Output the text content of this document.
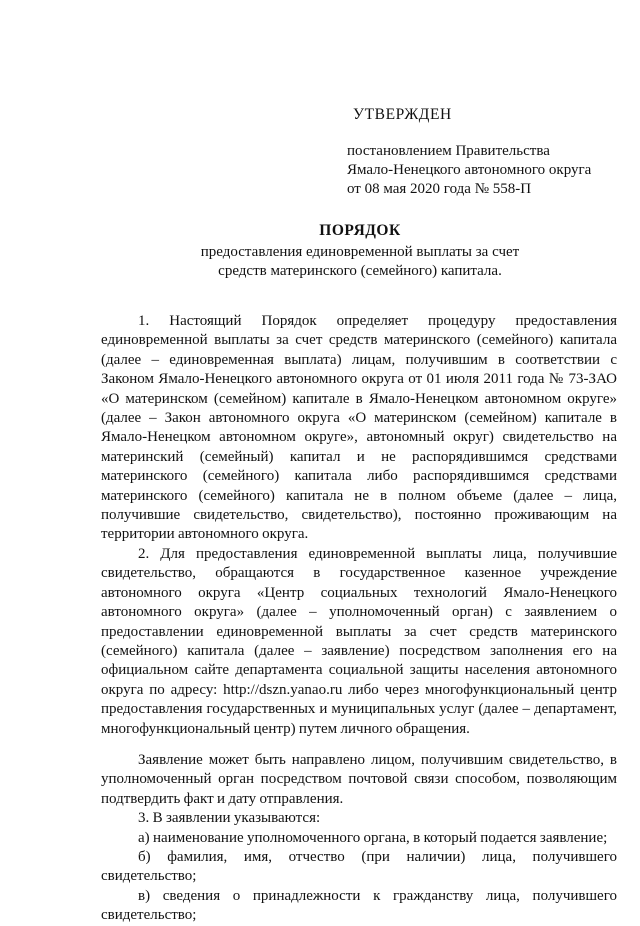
УТВЕРЖДЕН
постановлением Правительства
Ямало-Ненецкого автономного округа
от 08 мая 2020 года № 558-П
ПОРЯДОК
предоставления единовременной выплаты за счет средств материнского (семейного) капитала.

1. Настоящий Порядок определяет процедуру предоставления единовременной выплаты за счет средств материнского (семейного) капитала (далее – единовременная выплата) лицам, получившим в соответствии с Законом Ямало-Ненецкого автономного округа от 01 июля 2011 года № 73-ЗАО «О материнском (семейном) капитале в Ямало-Ненецком автономном округе» (далее – Закон автономного округа «О материнском (семейном) капитале в Ямало-Ненецком автономном округе», автономный округ) свидетельство на материнский (семейный) капитал и не распорядившимся средствами материнского (семейного) капитала либо распорядившимся средствами материнского (семейного) капитала не в полном объеме (далее – лица, получившие свидетельство, свидетельство), постоянно проживающим на территории автономного округа.

2. Для предоставления единовременной выплаты лица, получившие свидетельство, обращаются в государственное казенное учреждение автономного округа «Центр социальных технологий Ямало-Ненецкого автономного округа» (далее – уполномоченный орган) с заявлением о предоставлении единовременной выплаты за счет средств материнского (семейного) капитала (далее – заявление) посредством заполнения его на официальном сайте департамента социальной защиты населения автономного округа по адресу: http://dszn.yanao.ru либо через многофункциональный центр предоставления государственных и муниципальных услуг (далее – департамент, многофункциональный центр) путем личного обращения.

Заявление может быть направлено лицом, получившим свидетельство, в уполномоченный орган посредством почтовой связи способом, позволяющим подтвердить факт и дату отправления.

3. В заявлении указываются:

а) наименование уполномоченного органа, в который подается заявление;

б) фамилия, имя, отчество (при наличии) лица, получившего свидетельство;

в) сведения о принадлежности к гражданству лица, получившего свидетельство;
